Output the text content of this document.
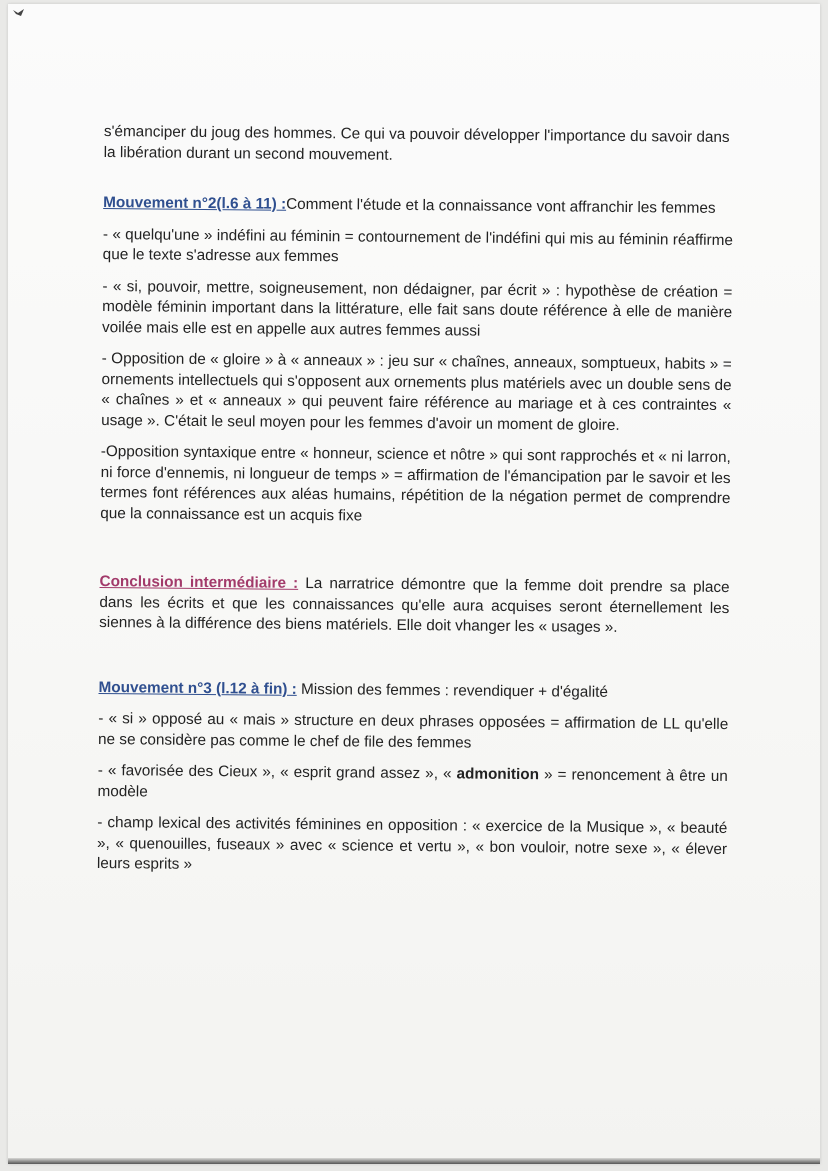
s'émanciper du joug des hommes. Ce qui va pouvoir développer l'importance du savoir dans la libération durant un second mouvement.

Mouvement n°2(l.6 à 11) :Comment l'étude et la connaissance vont affranchir les femmes

- « quelqu'une » indéfini au féminin = contournement de l'indéfini qui mis au féminin réaffirme que le texte s'adresse aux femmes

- « si, pouvoir, mettre, soigneusement, non dédaigner, par écrit » : hypothèse de création = modèle féminin important dans la littérature, elle fait sans doute référence à elle de manière voilée mais elle est en appelle aux autres femmes aussi

- Opposition de « gloire » à « anneaux » : jeu sur « chaînes, anneaux, somptueux, habits » = ornements intellectuels qui s'opposent aux ornements plus matériels avec un double sens de « chaînes » et « anneaux » qui peuvent faire référence au mariage et à ces contraintes « usage ». C'était le seul moyen pour les femmes d'avoir un moment de gloire.

-Opposition syntaxique entre « honneur, science et nôtre » qui sont rapprochés et « ni larron, ni force d'ennemis, ni longueur de temps » = affirmation de l'émancipation par le savoir et les termes font références aux aléas humains, répétition de la négation permet de comprendre que la connaissance est un acquis fixe

Conclusion intermédiaire : La narratrice démontre que la femme doit prendre sa place dans les écrits et que les connaissances qu'elle aura acquises seront éternellement les siennes à la différence des biens matériels. Elle doit vhanger les « usages ».

Mouvement n°3 (l.12 à fin) : Mission des femmes : revendiquer + d'égalité

- « si » opposé au « mais » structure en deux phrases opposées = affirmation de LL qu'elle ne se considère pas comme le chef de file des femmes

- « favorisée des Cieux », « esprit grand assez », « admonition » = renoncement à être un modèle

- champ lexical des activités féminines en opposition : « exercice de la Musique », « beauté », « quenouilles, fuseaux » avec « science et vertu », « bon vouloir, notre sexe », « élever leurs esprits »
